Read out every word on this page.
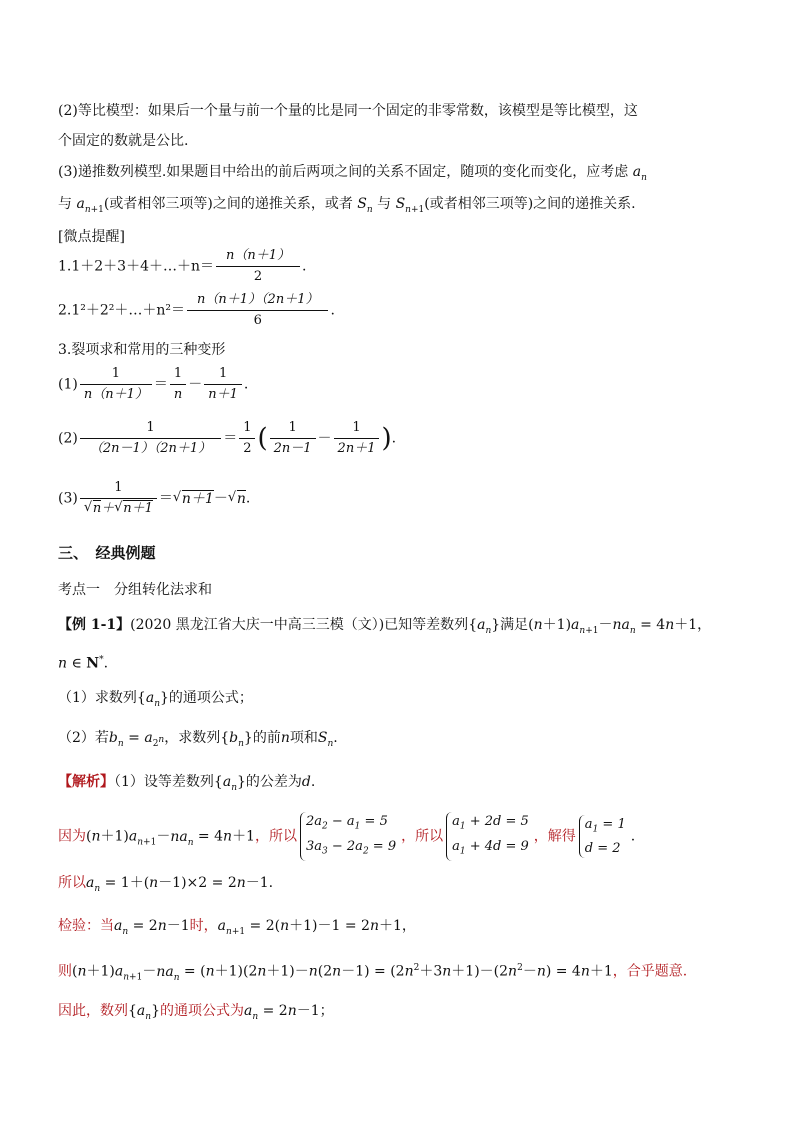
(2)等比模型：如果后一个量与前一个量的比是同一个固定的非零常数，该模型是等比模型，这
个固定的数就是公比.
(3)递推数列模型.如果题目中给出的前后两项之间的关系不固定，随项的变化而变化，应考虑 $a_n$
与 $a_{n+1}$(或者相邻三项等)之间的递推关系，或者 $S_n$ 与 $S_{n+1}$(或者相邻三项等)之间的递推关系.
[微点提醒]
1.1＋2＋3＋4＋…＋n＝ $\frac{n(n+1)}{2}$ .
2.1²＋2²＋…＋n²＝ $\frac{n(n+1)(2n+1)}{6}$ .
3.裂项求和常用的三种变形
$(1) \frac{1}{n(n+1)} = \frac{1}{n} - \frac{1}{n+1}$ .
$(2) \frac{1}{(2n-1)(2n+1)} = \frac{1}{2}$ ( $\frac{1}{2n-1} - \frac{1}{2n+1}$ ).
(3) 1
√ n＋ √ n＋1 ＝ √ n＋1－ √ n.
三、　经典例题
考点一　分组转化法求和
【例 1-1】(2020 黑龙江省大庆一中高三三模（文）)已知等差数列$\{a_n\}$满足$(n+1)a_{n+1}-na_n = 4n+1$，
n ∈ N*.
（1）求数列$\{a_n\}$的通项公式；
（2）若$b_n = a_{2^n}$，求数列$\{b_n\}$的前n项和$S_n$.
【解析】（1）设等差数列$\{a_n\}$的公差为d.
因为$(n+1)a_{n+1}-na_n = 4n+1$，所以
$2a_2 - a_1 = 5$
$3a_3 - 2a_2 = 9$
，所以
$a_1 + 2d = 5$
$a_1 + 4d = 9$
，解得
$a_1 = 1$
d = 2
.
所以$a_n = 1+(n-1)\times 2 = 2n-1$.
检验：当$a_n = 2n-1$时，$a_{n+1} = 2(n+1)-1 = 2n+1$，
则$(n+1)a_{n+1}-na_n = (n+1)(2n+1)-n(2n-1) = (2n^2+3n+1)-(2n^2-n) = 4n+1$，合乎题意.
因此，数列$\{a_n\}$的通项公式为$a_n = 2n-1$；
